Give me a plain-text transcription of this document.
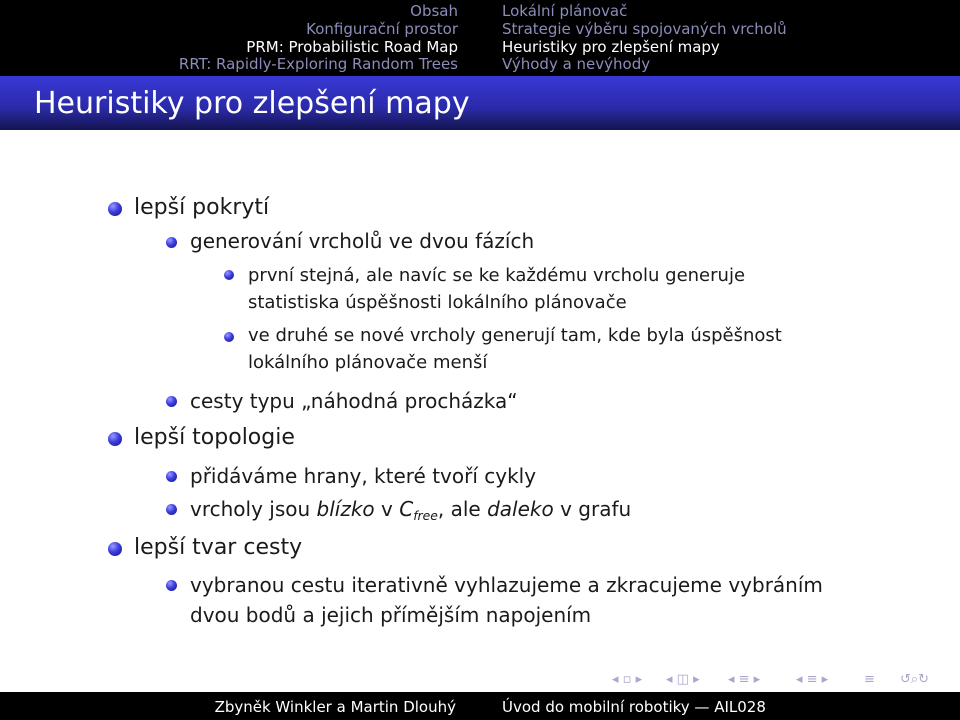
Obsah
Konfigurační prostor
PRM: Probabilistic Road Map
RRT: Rapidly-Exploring Random Trees
Lokální plánovač
Strategie výběru spojovaných vrcholů
Heuristiky pro zlepšení mapy
Výhody a nevýhody
Heuristiky pro zlepšení mapy
lepší pokrytí
generování vrcholů ve dvou fázích
první stejná, ale navíc se ke každému vrcholu generuje
statistiska úspěšnosti lokálního plánovače
ve druhé se nové vrcholy generují tam, kde byla úspěšnost
lokálního plánovače menší
cesty typu „náhodná procházka“
lepší topologie
přidáváme hrany, které tvoří cykly
vrcholy jsou blízko v $C_{free}$, ale daleko v grafu
lepší tvar cesty
vybranou cestu iterativně vyhlazujeme a zkracujeme vybráním
dvou bodů a jejich přímějším napojením
◂ ▫ ▸ ◂ ◫ ▸ ◂ ≡ ▸	◂ ≡ ▸	≡ ↺⌕↻
Zbyněk Winkler a Martin Dlouhý	Úvod do mobilní robotiky — AIL028
